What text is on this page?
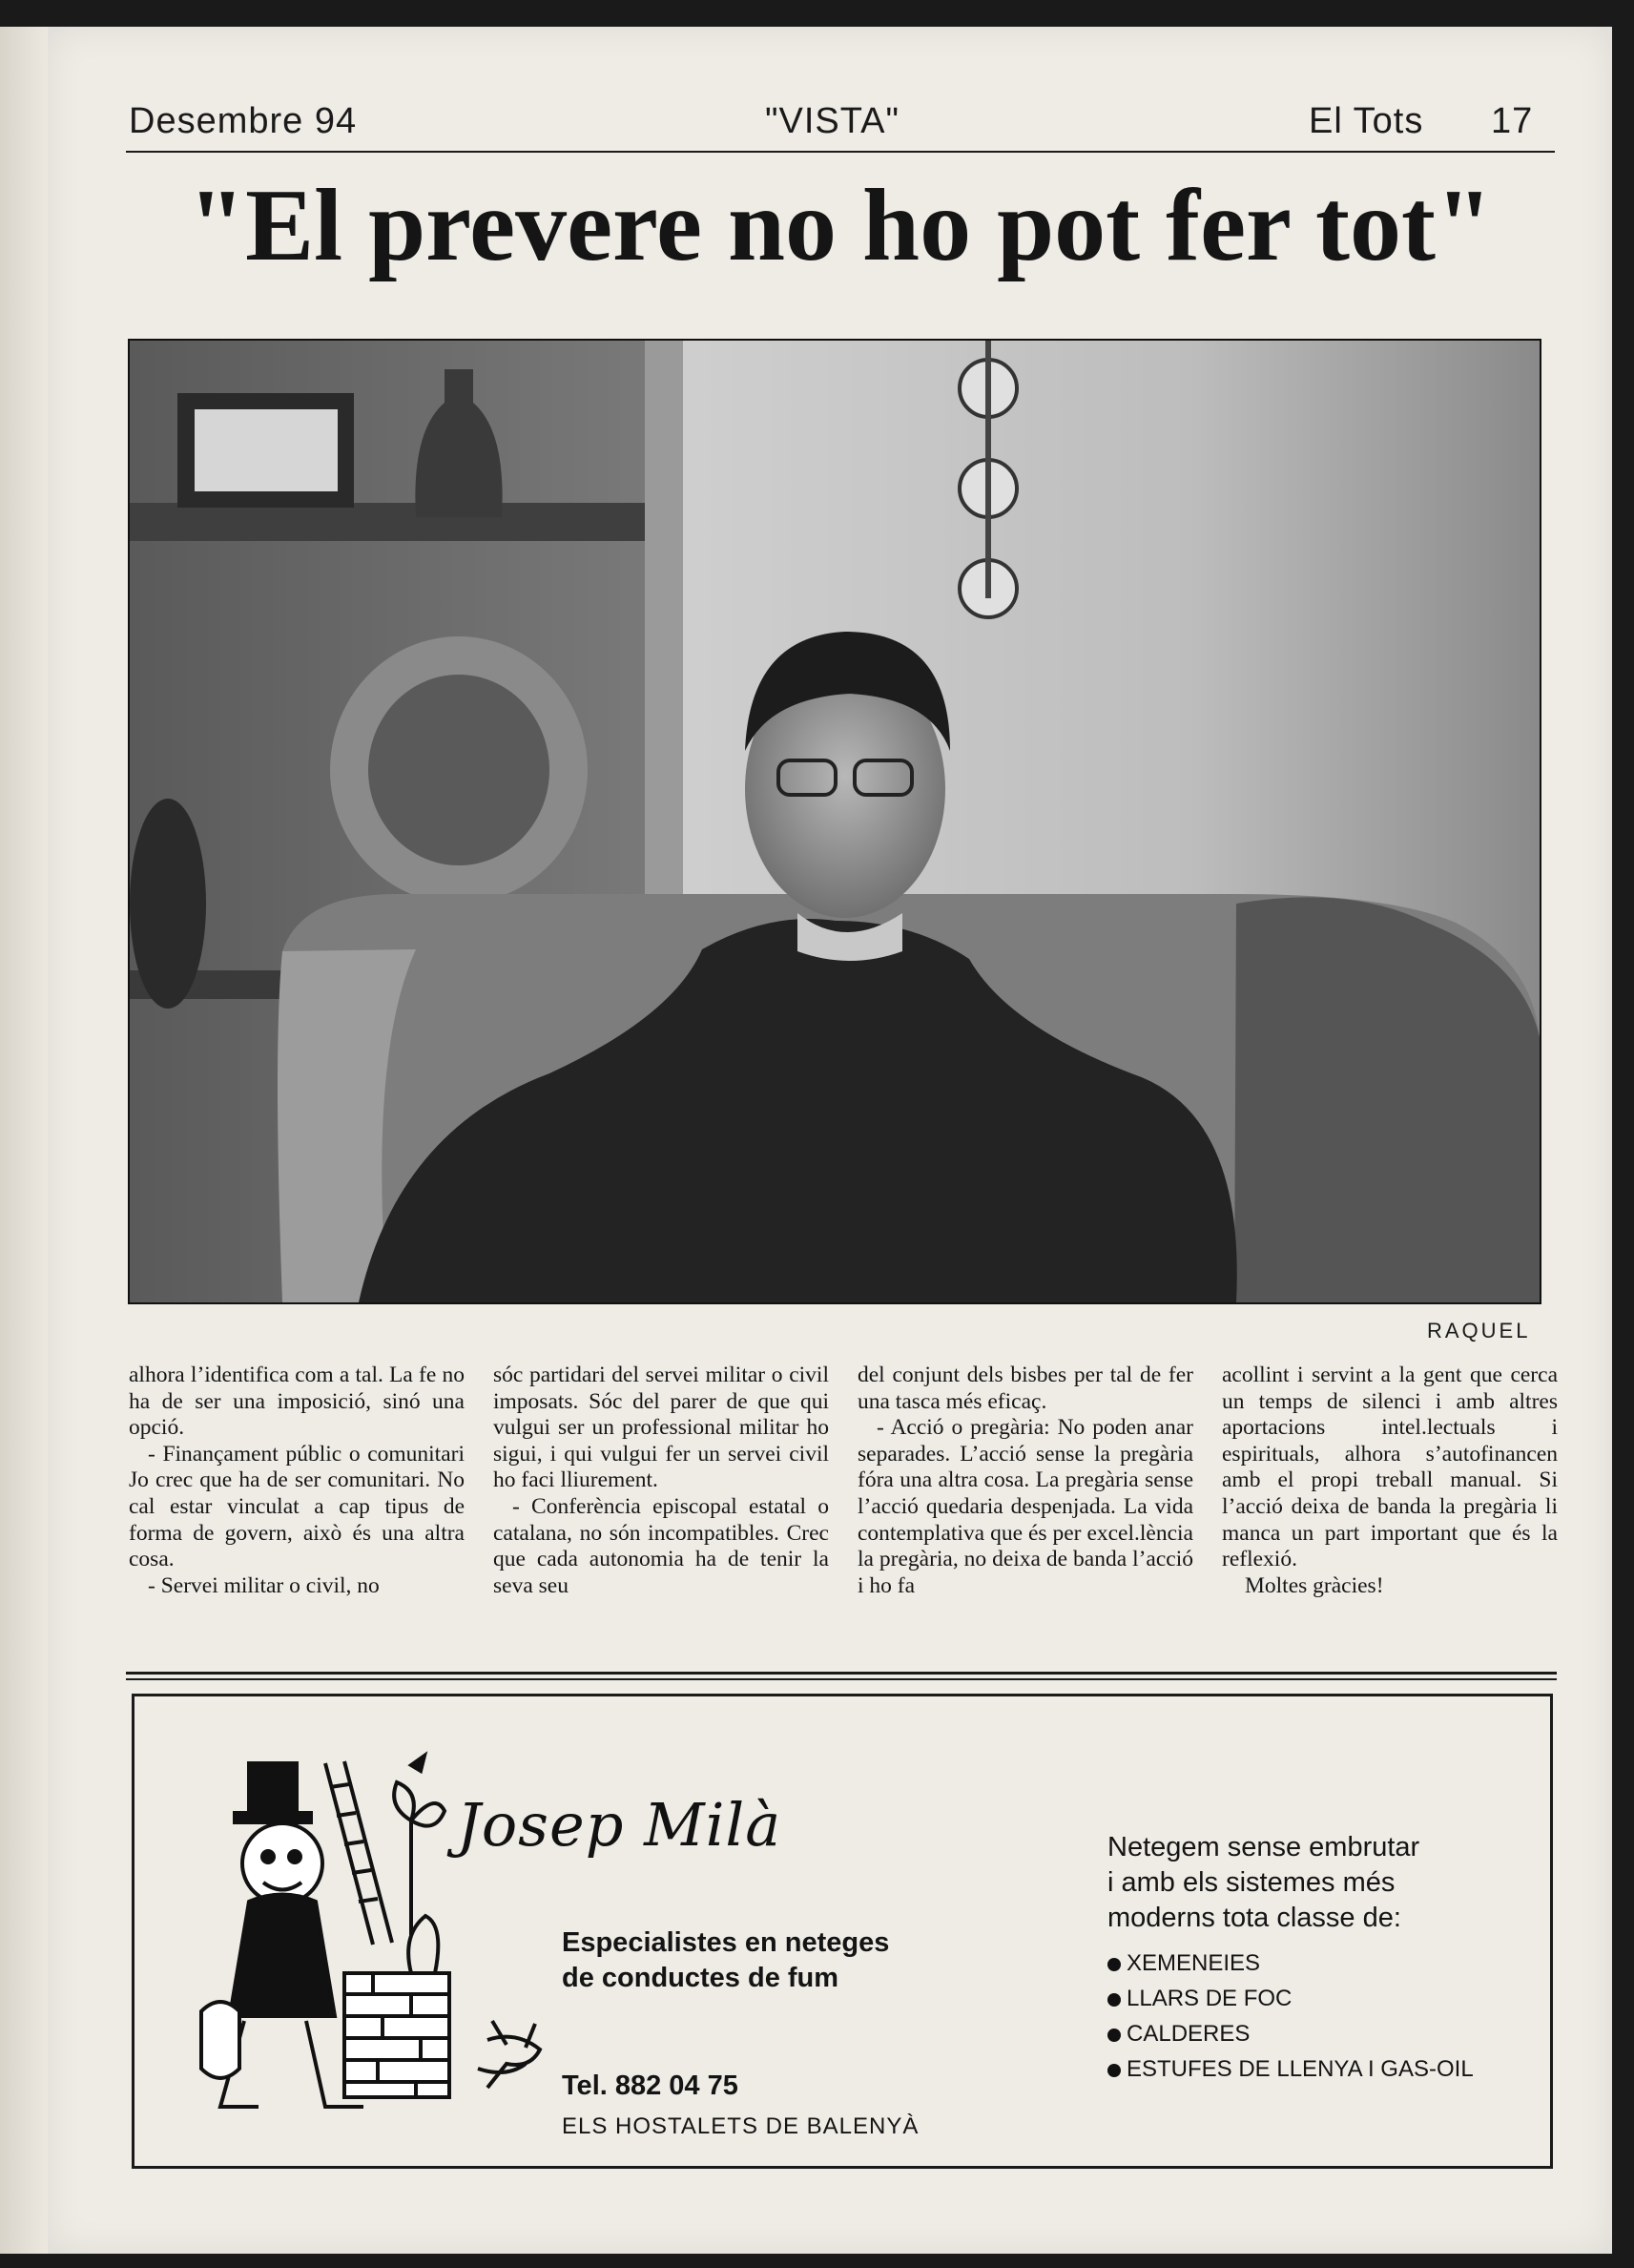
Desembre 94	"VISTA"	El Tots 17
"El prevere no ho pot fer tot"
RAQUEL

alhora l’identifica com a tal. La fe no ha de ser una imposició, sinó una opció.

- Finançament públic o comunitari Jo crec que ha de ser comunitari. No cal estar vinculat a cap tipus de forma de govern, això és una altra cosa.

- Servei militar o civil, no

sóc partidari del servei militar o civil imposats. Sóc del parer de que qui vulgui ser un professional militar ho sigui, i qui vulgui fer un servei civil ho faci lliurement.

- Conferència episcopal estatal o catalana, no són incompatibles. Crec que cada autonomia ha de tenir la seva seu

del conjunt dels bisbes per tal de fer una tasca més eficaç.

- Acció o pregària: No poden anar separades. L’acció sense la pregària fóra una altra cosa. La pregària sense l’acció quedaria despenjada. La vida contemplativa que és per excel.lència la pregària, no deixa de banda l’acció i ho fa

acollint i servint a la gent que cerca un temps de silenci i amb altres aportacions intel.lectuals i espirituals, alhora s’autofinancen amb el propi treball manual. Si l’acció deixa de banda la pregària li manca un part important que és la reflexió.

Moltes gràcies!

Josep Milà
Especialistes en neteges
de conductes de fum
Tel. 882 04 75
ELS HOSTALETS DE BALENYÀ
Netegem sense embrutar
i amb els sistemes més
moderns tota classe de:
XEMENEIES
LLARS DE FOC
CALDERES
ESTUFES DE LLENYA I GAS-OIL
